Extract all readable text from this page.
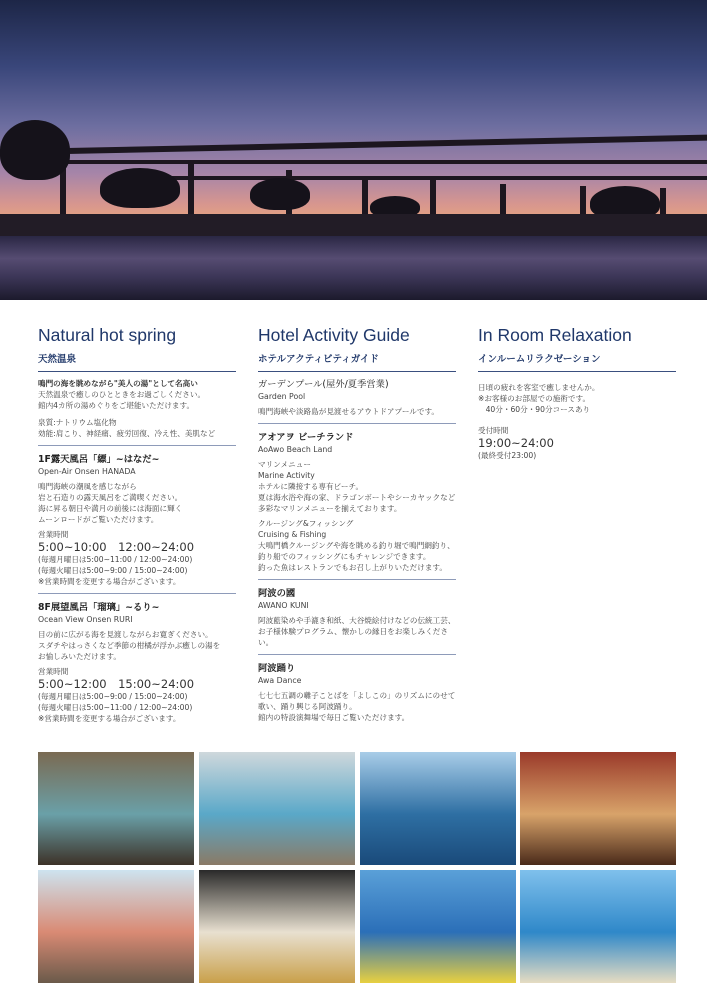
Natural hot spring
天然温泉

鳴門の海を眺めながら"美人の湯"として名高い

天然温泉で癒しのひとときをお過ごしください。

館内4カ所の湯めぐりをご堪能いただけます。

泉質:ナトリウム塩化物

効能:肩こり、神経痛、疲労回復、冷え性、美肌など

1F露天風呂「縹」~はなだ~
Open-Air Onsen HANADA

鳴門海峡の潮風を感じながら

岩と石造りの露天風呂をご満喫ください。

海に昇る朝日や満月の前後には海面に輝く

ムーンロードがご覧いただけます。

営業時間

5:00~10:00　12:00~24:00

(毎週月曜日は5:00~11:00 / 12:00~24:00)

(毎週火曜日は5:00~9:00 / 15:00~24:00)

※営業時間を変更する場合がございます。

8F展望風呂「瑠璃」~るり~
Ocean View Onsen RURI

目の前に広がる海を見渡しながらお寛ぎください。

スダチやはっさくなど季節の柑橘が浮かぶ癒しの湯を

お愉しみいただけます。

営業時間

5:00~12:00　15:00~24:00

(毎週月曜日は5:00~9:00 / 15:00~24:00)

(毎週火曜日は5:00~11:00 / 12:00~24:00)

※営業時間を変更する場合がございます。

Hotel Activity Guide
ホテルアクティビティガイド
ガーデンプール(屋外/夏季営業)
Garden Pool

鳴門海峡や淡路島が見渡せるアウトドアプールです。

アオアヲ ビーチランド
AoAwo Beach Land

マリンメニュー

Marine Activity

ホテルに隣接する専有ビーチ。

夏は海水浴や海の家、ドラゴンボートやシーカヤックなど

多彩なマリンメニューを揃えております。

クルージング&フィッシング

Cruising & Fishing

大鳴門橋クルージングや海を眺める釣り堀で鳴門網釣り、

釣り船でのフィッシングにもチャレンジできます。

釣った魚はレストランでもお召し上がりいただけます。

阿波の國
AWANO KUNI

阿波藍染めや手漉き和紙、大谷焼絵付けなどの伝統工芸、

お子様体験プログラム、懐かしの縁日をお楽しみください。

阿波踊り
Awa Dance

七七七五調の囃子ことばを「よしこの」のリズムにのせて

歌い、踊り興じる阿波踊り。

館内の特設演舞場で毎日ご覧いただけます。

In Room Relaxation
インルームリラクゼーション

日頃の疲れを客室で癒しませんか。

※お客様のお部屋での施術です。

　40分・60分・90分コースあり

受付時間

19:00~24:00

(最終受付23:00)
